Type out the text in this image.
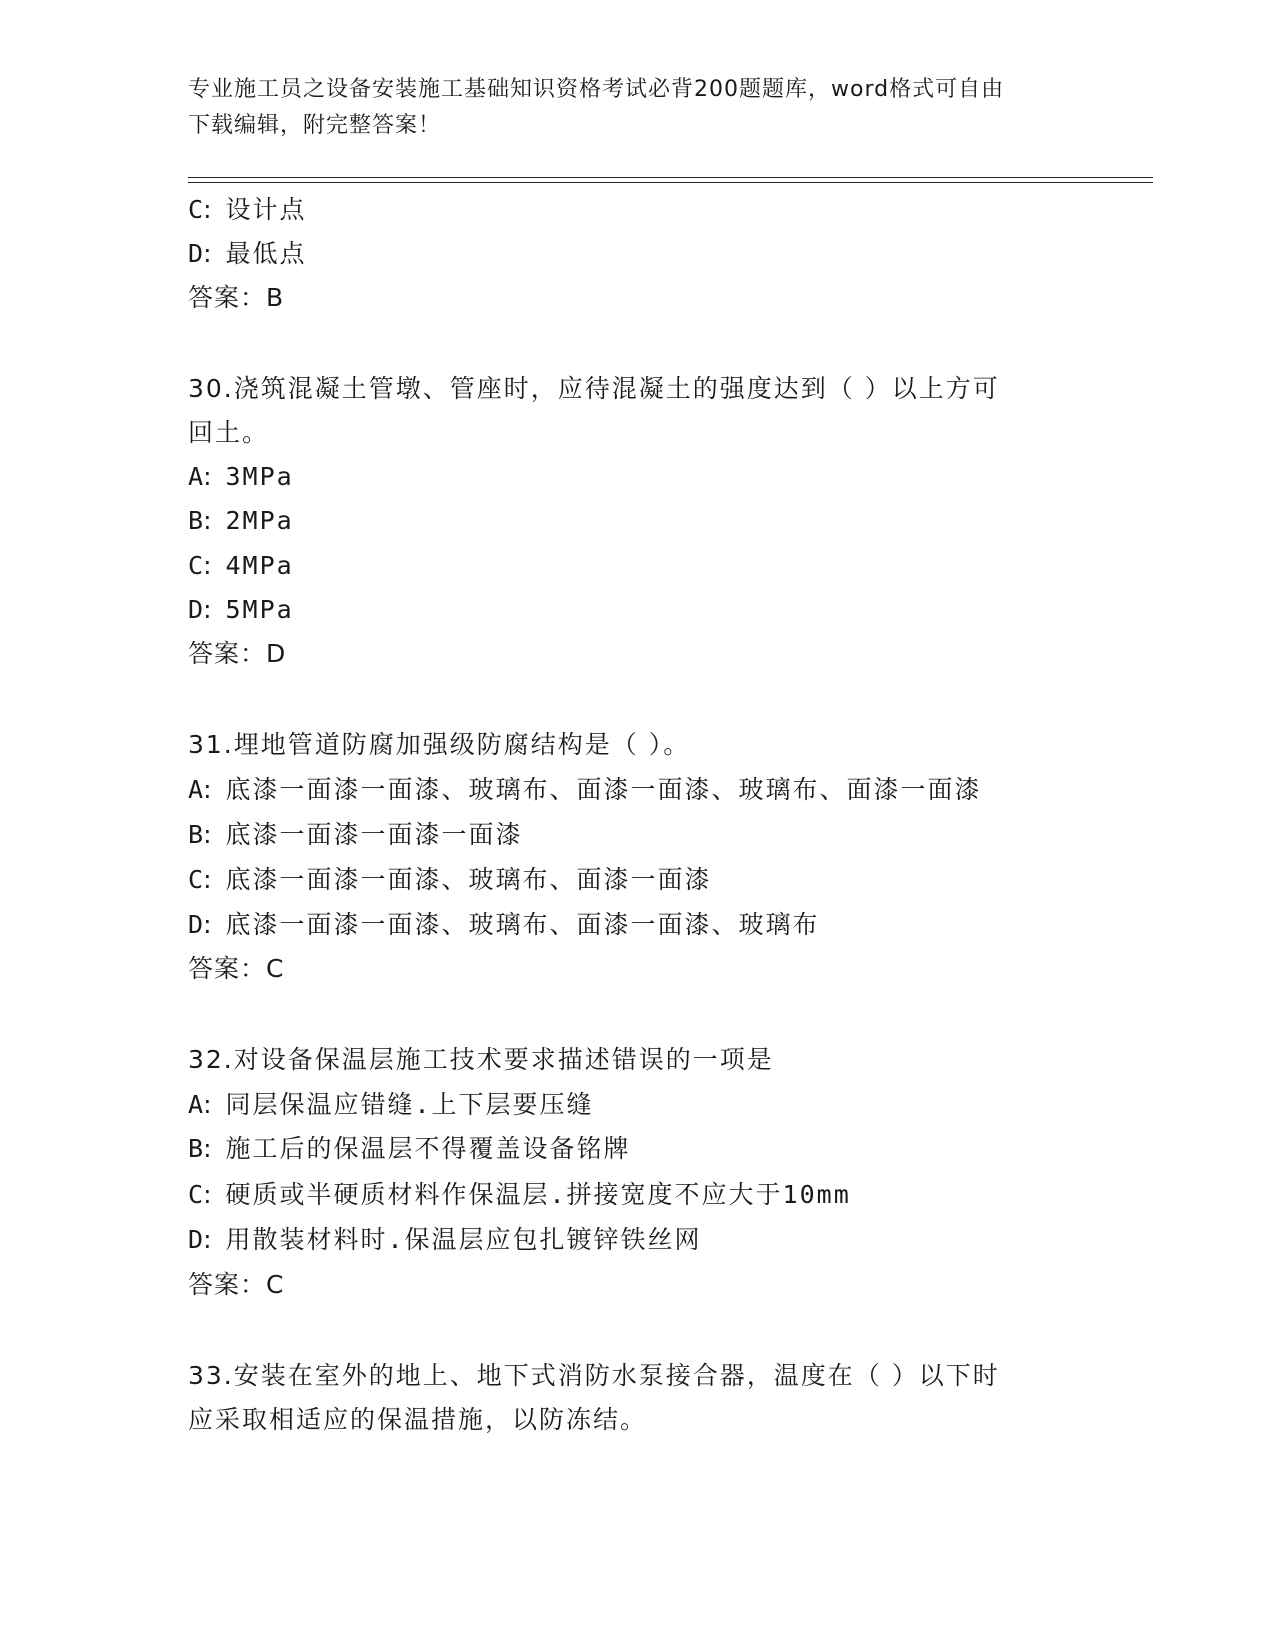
专业施工员之设备安装施工基础知识资格考试必背200题题库，word格式可自由
下载编辑，附完整答案！
C: 设计点
D: 最低点
答案：B
30.浇筑混凝土管墩、管座时，应待混凝土的强度达到（ ）以上方可
回土。
A: 3MPa
B: 2MPa
C: 4MPa
D: 5MPa
答案：D
31.埋地管道防腐加强级防腐结构是（ ）。
A: 底漆一面漆一面漆、玻璃布、面漆一面漆、玻璃布、面漆一面漆
B: 底漆一面漆一面漆一面漆
C: 底漆一面漆一面漆、玻璃布、面漆一面漆
D: 底漆一面漆一面漆、玻璃布、面漆一面漆、玻璃布
答案：C
32.对设备保温层施工技术要求描述错误的一项是
A: 同层保温应错缝.上下层要压缝
B: 施工后的保温层不得覆盖设备铭牌
C: 硬质或半硬质材料作保温层.拼接宽度不应大于10mm
D: 用散装材料时.保温层应包扎镀锌铁丝网
答案：C
33.安装在室外的地上、地下式消防水泵接合器，温度在（ ）以下时
应采取相适应的保温措施，以防冻结。
